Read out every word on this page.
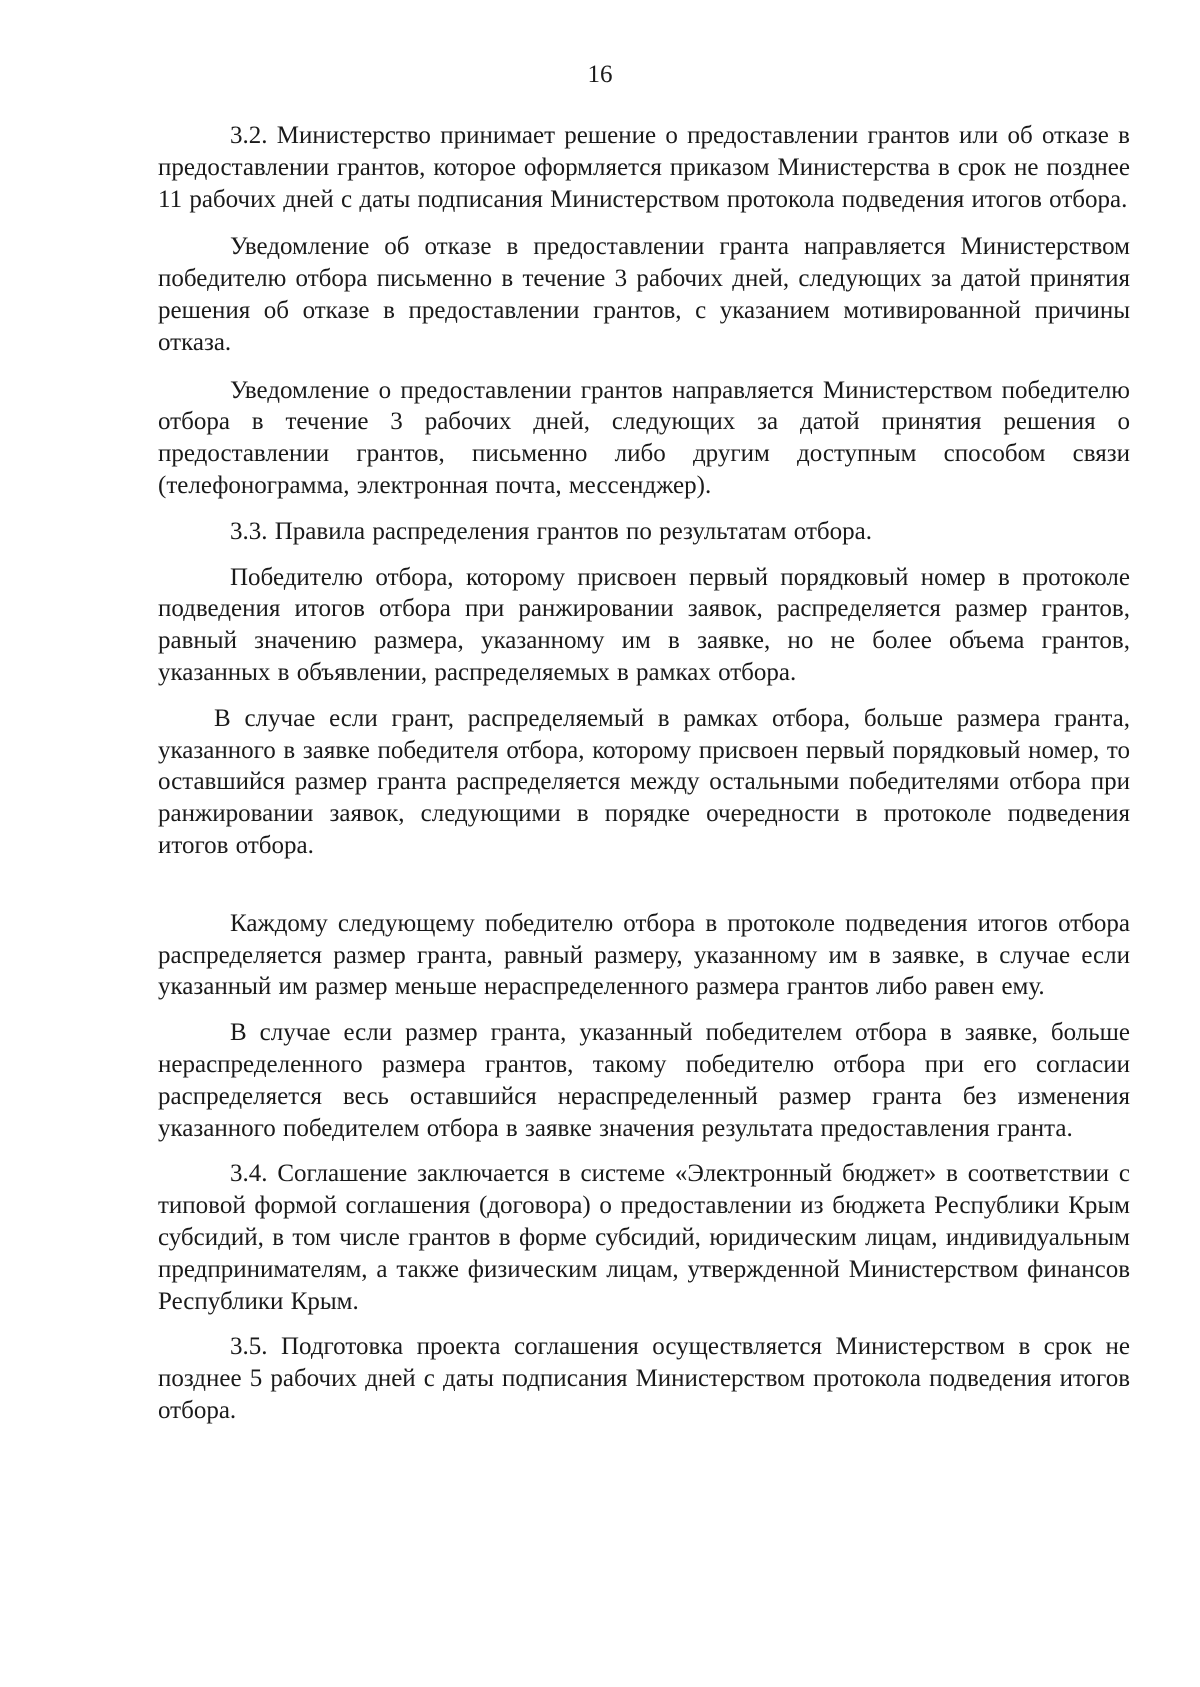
16

3.2. Министерство принимает решение о предоставлении грантов или об отказе в предоставлении грантов, которое оформляется приказом Министерства в срок не позднее 11 рабочих дней с даты подписания Министерством протокола подведения итогов отбора.

Уведомление об отказе в предоставлении гранта направляется Министерством победителю отбора письменно в течение 3 рабочих дней, следующих за датой принятия решения об отказе в предоставлении грантов, с указанием мотивированной причины отказа.

Уведомление о предоставлении грантов направляется Министерством победителю отбора в течение 3 рабочих дней, следующих за датой принятия решения о предоставлении грантов, письменно либо другим доступным способом связи (телефонограмма, электронная почта, мессенджер).

3.3. Правила распределения грантов по результатам отбора.

Победителю отбора, которому присвоен первый порядковый номер в протоколе подведения итогов отбора при ранжировании заявок, распределяется размер грантов, равный значению размера, указанному им в заявке, но не более объема грантов, указанных в объявлении, распределяемых в рамках отбора.

В случае если грант, распределяемый в рамках отбора, больше размера гранта, указанного в заявке победителя отбора, которому присвоен первый порядковый номер, то оставшийся размер гранта распределяется между остальными победителями отбора при ранжировании заявок, следующими в порядке очередности в протоколе подведения итогов отбора.

Каждому следующему победителю отбора в протоколе подведения итогов отбора распределяется размер гранта, равный размеру, указанному им в заявке, в случае если указанный им размер меньше нераспределенного размера грантов либо равен ему.

В случае если размер гранта, указанный победителем отбора в заявке, больше нераспределенного размера грантов, такому победителю отбора при его согласии распределяется весь оставшийся нераспределенный размер гранта без изменения указанного победителем отбора в заявке значения результата предоставления гранта.

3.4. Соглашение заключается в системе «Электронный бюджет» в соответствии с типовой формой соглашения (договора) о предоставлении из бюджета Республики Крым субсидий, в том числе грантов в форме субсидий, юридическим лицам, индивидуальным предпринимателям, а также физическим лицам, утвержденной Министерством финансов Республики Крым.

3.5. Подготовка проекта соглашения осуществляется Министерством в срок не позднее 5 рабочих дней с даты подписания Министерством протокола подведения итогов отбора.
